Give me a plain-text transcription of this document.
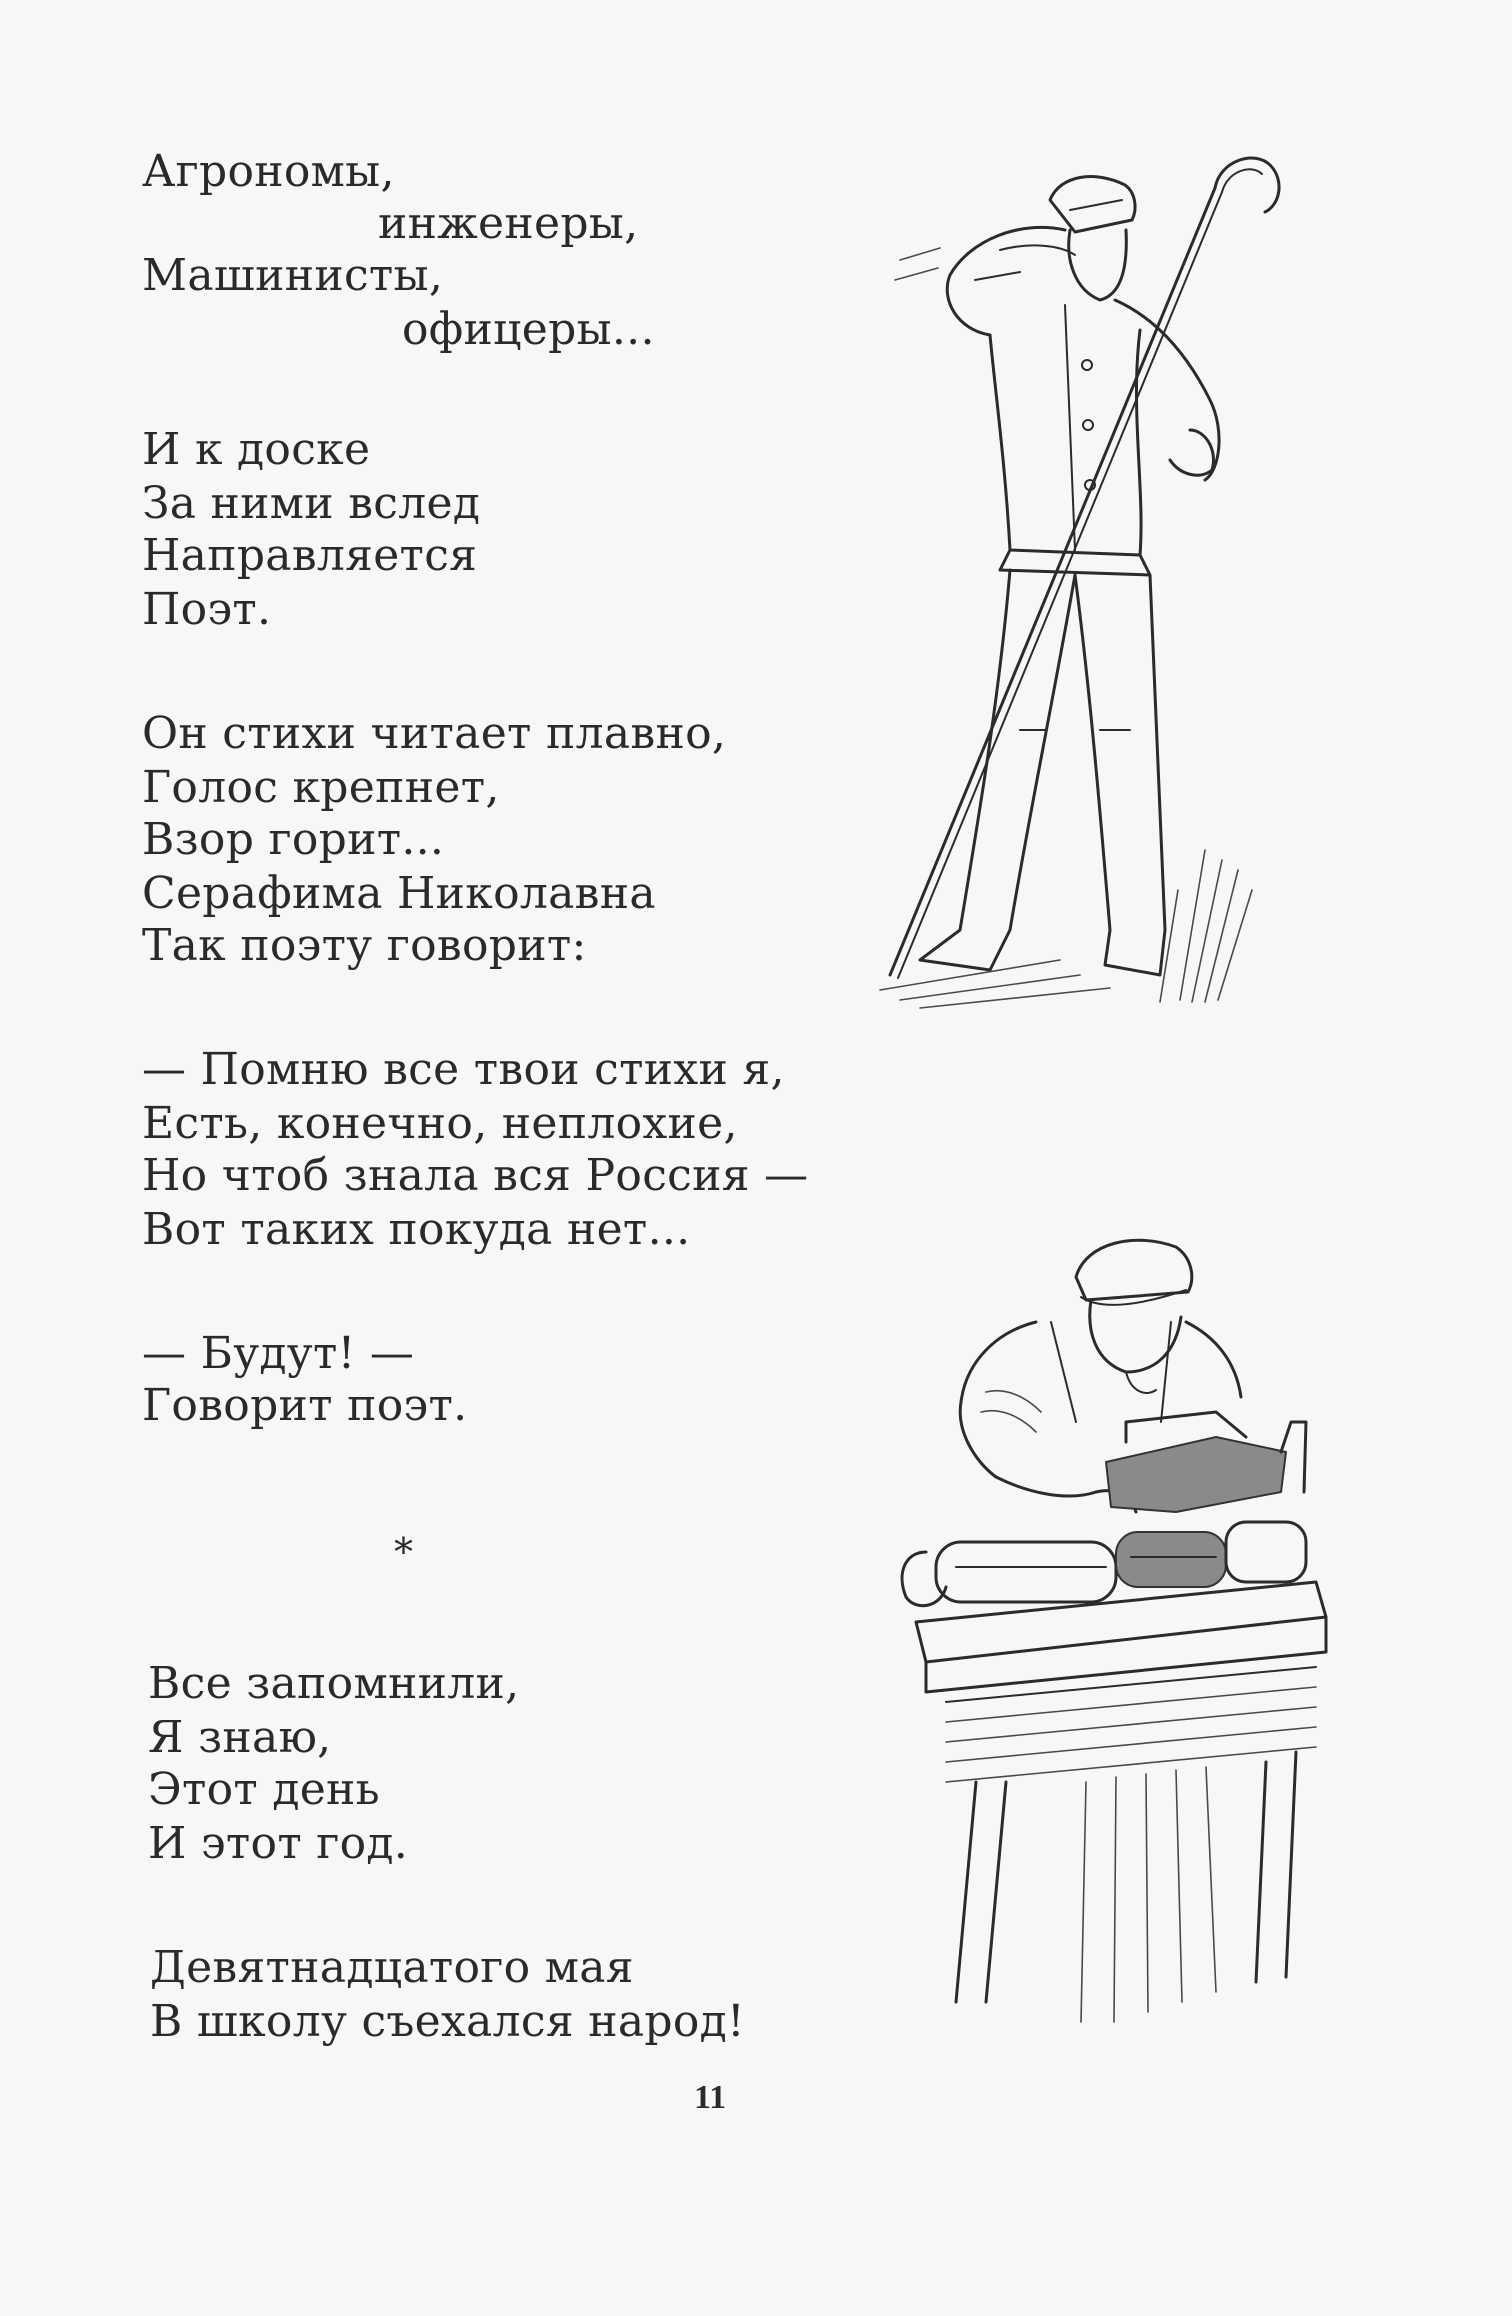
Агрономы,
инженеры,
Машинисты,
офицеры...
И к доске
За ними вслед
Направляется
Поэт.
Он стихи читает плавно,
Голос крепнет,
Взор горит...
Серафима Николавна
Так поэту говорит:
— Помню все твои стихи я,
Есть, конечно, неплохие,
Но чтоб знала вся Россия —
Вот таких покуда нет...
— Будут! —
Говорит поэт.
*
Все запомнили,
Я знаю,
Этот день
И этот год.
Девятнадцатого мая
В школу съехался народ!
11
